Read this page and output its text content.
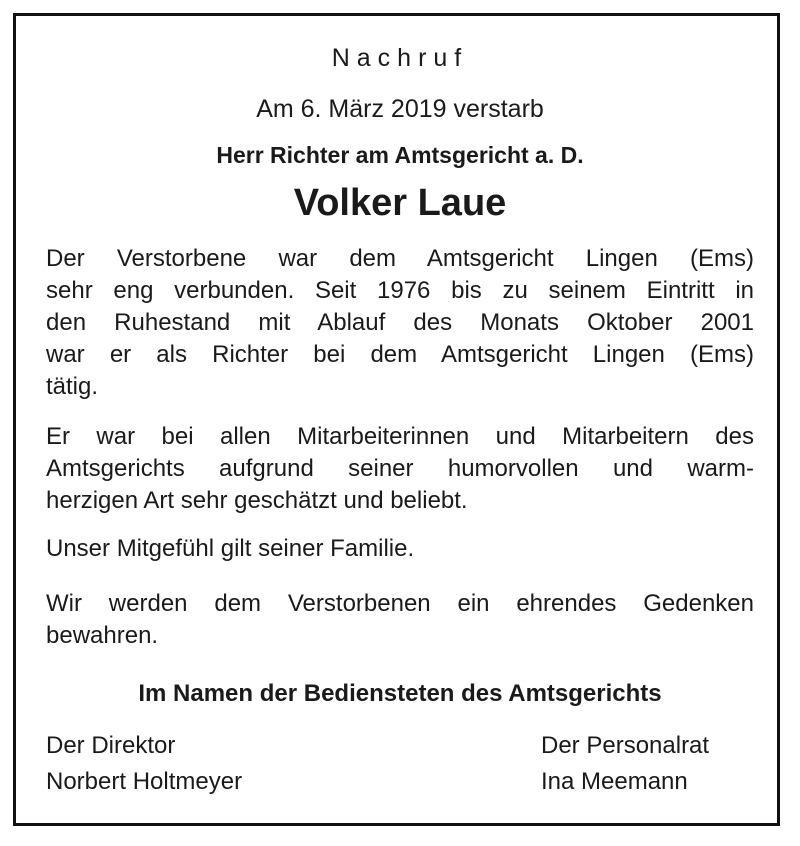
Nachruf
Am 6. März 2019 verstarb
Herr Richter am Amtsgericht a. D.
Volker Laue
Der Verstorbene war dem Amtsgericht Lingen (Ems)
sehr eng verbunden. Seit 1976 bis zu seinem Eintritt in
den Ruhestand mit Ablauf des Monats Oktober 2001
war er als Richter bei dem Amtsgericht Lingen (Ems)
tätig.
Er war bei allen Mitarbeiterinnen und Mitarbeitern des
Amtsgerichts aufgrund seiner humorvollen und warm-
herzigen Art sehr geschätzt und beliebt.
Unser Mitgefühl gilt seiner Familie.
Wir werden dem Verstorbenen ein ehrendes Gedenken
bewahren.
Im Namen der Bediensteten des Amtsgerichts
Der Direktor
Norbert Holtmeyer
Der Personalrat
Ina Meemann
